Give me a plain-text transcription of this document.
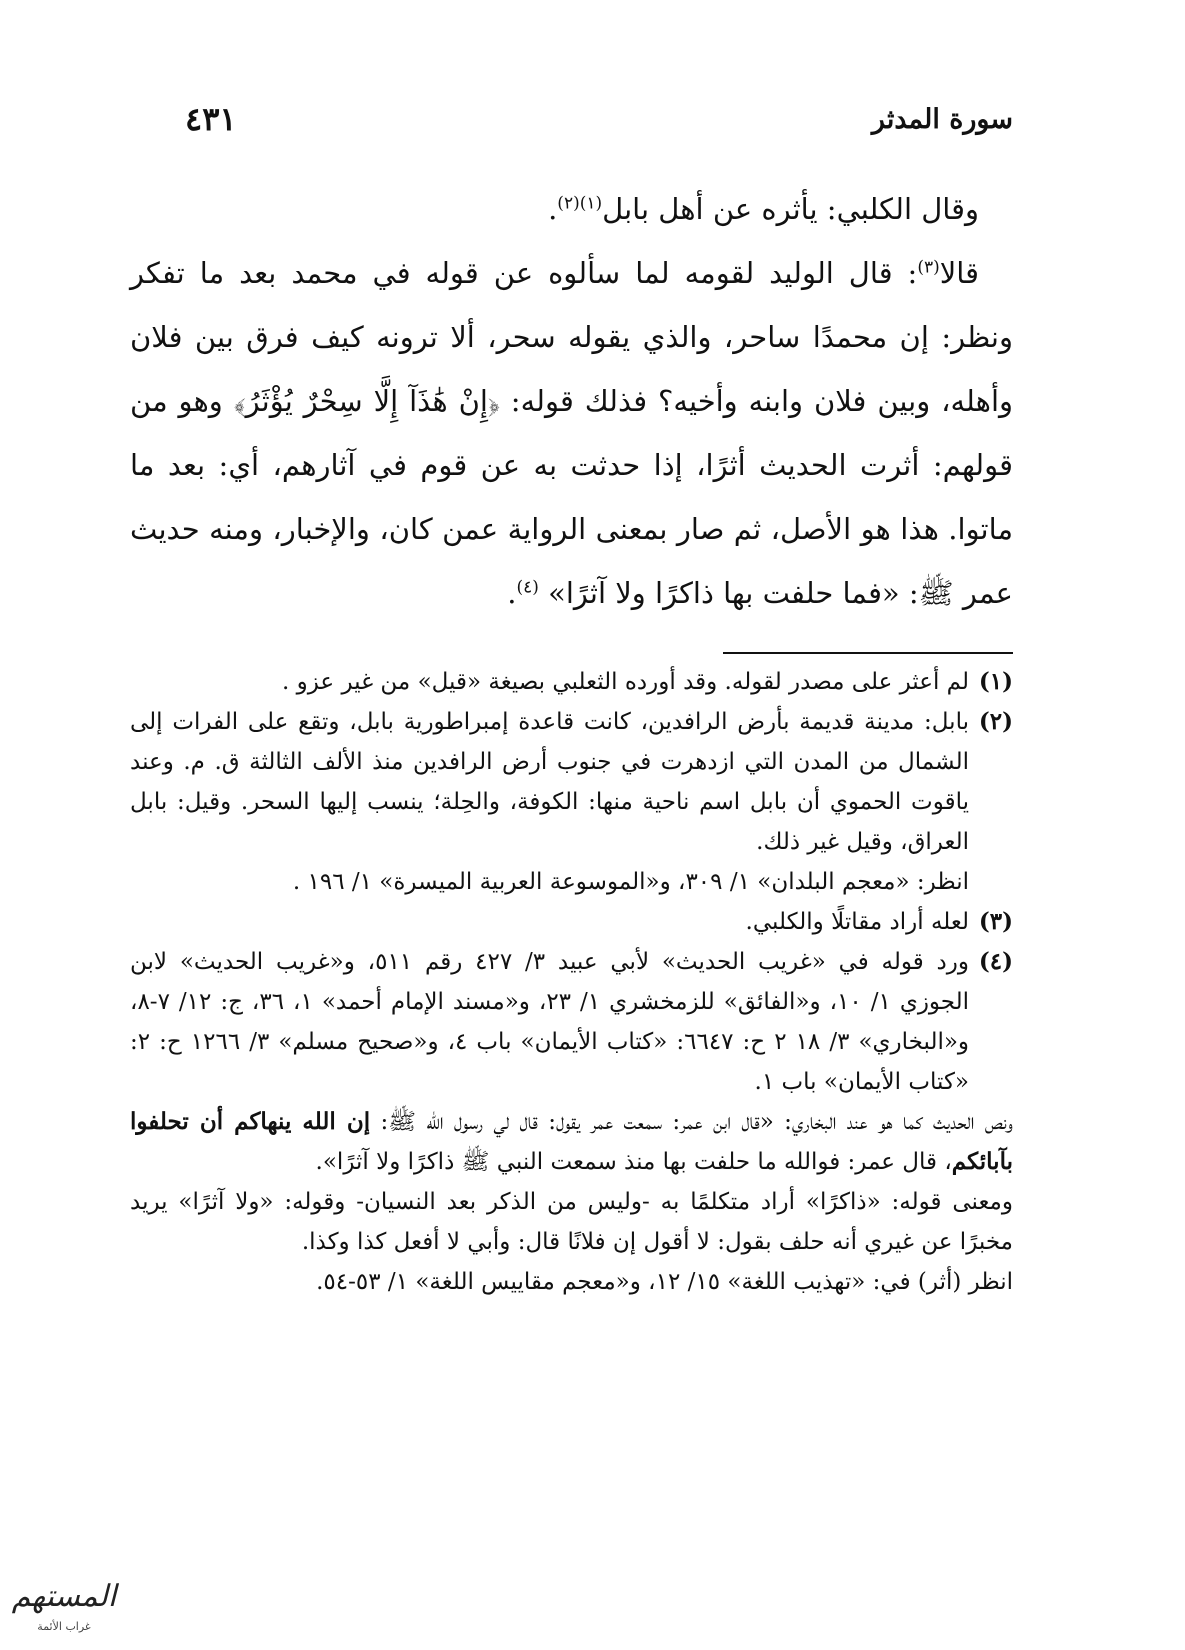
سورة المدثر
٤٣١

وقال الكلبي: يأثره عن أهل بابل$^{(١)(٢)}$.

قالا$^{(٣)}$: قال الوليد لقومه لما سألوه عن قوله في محمد بعد ما تفكر ونظر: إن محمدًا ساحر، والذي يقوله سحر، ألا ترونه كيف فرق بين فلان وأهله، وبين فلان وابنه وأخيه؟ فذلك قوله: ﴿إِنْ هَٰذَآ إِلَّا سِحْرٌ يُؤْثَرُ﴾ وهو من قولهم: أثرت الحديث أثرًا، إذا حدثت به عن قوم في آثارهم، أي: بعد ما ماتوا. هذا هو الأصل، ثم صار بمعنى الرواية عمن كان، والإخبار، ومنه حديث عمر ﷺ: «فما حلفت بها ذاكرًا ولا آثرًا» $^{(٤)}$.

(١)
لم أعثر على مصدر لقوله. وقد أورده الثعلبي بصيغة «قيل» من غير عزو .
(٢)
بابل: مدينة قديمة بأرض الرافدين، كانت قاعدة إمبراطورية بابل، وتقع على الفرات إلى الشمال من المدن التي ازدهرت في جنوب أرض الرافدين منذ الألف الثالثة ق. م. وعند ياقوت الحموي أن بابل اسم ناحية منها: الكوفة، والحِلة؛ ينسب إليها السحر. وقيل: بابل العراق، وقيل غير ذلك.
انظر: «معجم البلدان» ١/ ٣٠٩، و«الموسوعة العربية الميسرة» ١/ ١٩٦ .
(٣)
لعله أراد مقاتلًا والكلبي.
(٤)
ورد قوله في «غريب الحديث» لأبي عبيد ٣/ ٤٢٧ رقم ٥١١، و«غريب الحديث» لابن الجوزي ١/ ١٠، و«الفائق» للزمخشري ١/ ٢٣، و«مسند الإمام أحمد» ١، ٣٦، ج: ١٢/ ٧-٨، و«البخاري» ٣/ ١٨ ٢ ح: ٦٦٤٧: «كتاب الأيمان» باب ٤، و«صحيح مسلم» ٣/ ١٢٦٦ ح: ٢: «كتاب الأيمان» باب ١.
ونص الحديث كما هو عند البخاري: «قال ابن عمر: سمعت عمر يقول: قال لي رسول الله ﷺ: إن الله ينهاكم أن تحلفوا بآبائكم، قال عمر: فوالله ما حلفت بها منذ سمعت النبي ﷺ ذاكرًا ولا آثرًا».
ومعنى قوله: «ذاكرًا» أراد متكلمًا به -وليس من الذكر بعد النسيان- وقوله: «ولا آثرًا» يريد مخبرًا عن غيري أنه حلف بقول: لا أقول إن فلانًا قال: وأبي لا أفعل كذا وكذا.
انظر (أثر) في: «تهذيب اللغة» ١٥/ ١٢، و«معجم مقاييس اللغة» ١/ ٥٣-٥٤.
المستهم
غراب الأئمة
